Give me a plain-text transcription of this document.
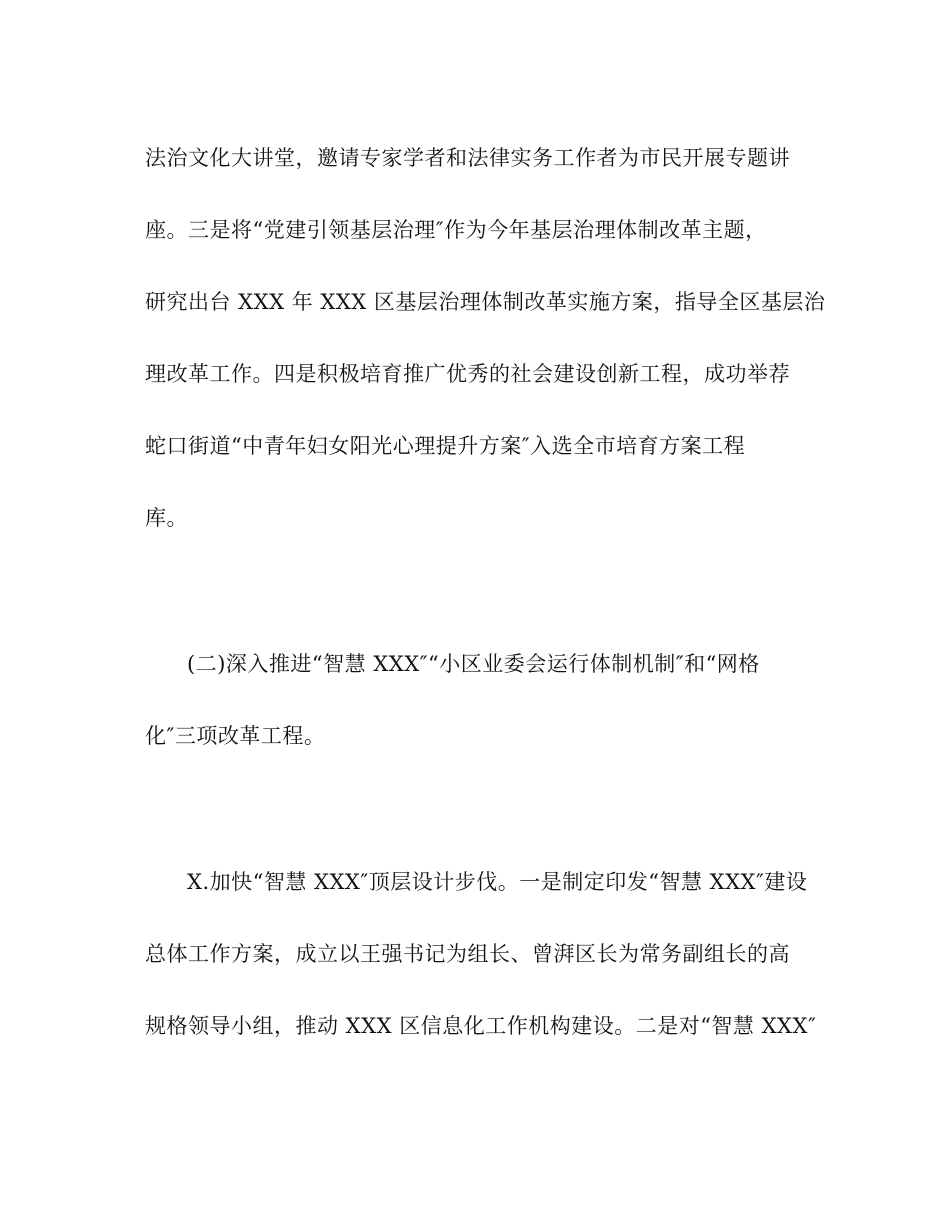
法治文化大讲堂，邀请专家学者和法律实务工作者为市民开展专题讲
座。三是将“党建引领基层治理″作为今年基层治理体制改革主题，
研究出台 XXX 年 XXX 区基层治理体制改革实施方案，指导全区基层治
理改革工作。四是积极培育推广优秀的社会建设创新工程，成功举荐
蛇口街道“中青年妇女阳光心理提升方案″入选全市培育方案工程
库。
(二)深入推进“智慧 XXX″“小区业委会运行体制机制″和“网格
化″三项改革工程。
X.加快“智慧 XXX″顶层设计步伐。一是制定印发“智慧 XXX″建设
总体工作方案，成立以王强书记为组长、曾湃区长为常务副组长的高
规格领导小组，推动 XXX 区信息化工作机构建设。二是对“智慧 XXX″
